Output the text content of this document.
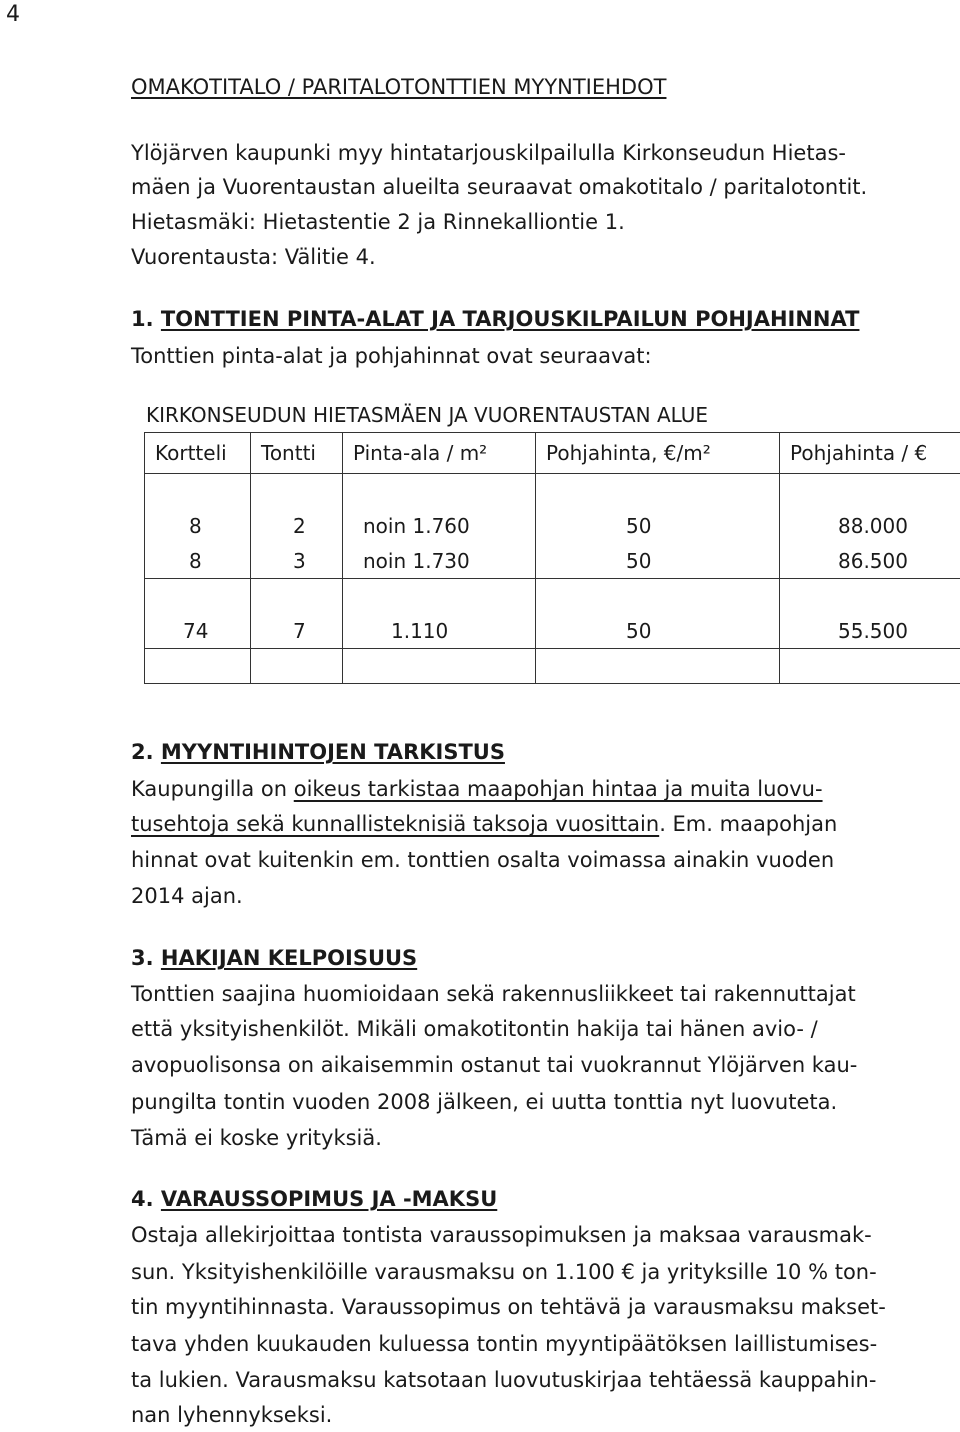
4
OMAKOTITALO / PARITALOTONTTIEN MYYNTIEHDOT

Ylöjärven kaupunki myy hintatarjouskilpailulla Kirkonseudun Hietas-

mäen ja Vuorentaustan alueilta seuraavat omakotitalo / paritalotontit.

Hietasmäki: Hietastentie 2 ja Rinnekalliontie 1.

Vuorentausta: Välitie 4.

1. TONTTIEN PINTA-ALAT JA TARJOUSKILPAILUN POHJAHINNAT

Tonttien pinta-alat ja pohjahinnat ovat seuraavat:

KIRKONSEUDUN HIETASMÄEN JA VUORENTAUSTAN ALUE
Kortteli	Tontti	Pinta-ala / m²	Pohjahinta, €/m²	Pohjahinta / €

8	2	noin 1.760	50	88.000
8	3	noin 1.730	50	86.500

74	7	1.110	50	55.500

2. MYYNTIHINTOJEN TARKISTUS

Kaupungilla on oikeus tarkistaa maapohjan hintaa ja muita luovu-

tusehtoja sekä kunnallisteknisiä taksoja vuosittain. Em. maapohjan

hinnat ovat kuitenkin em. tonttien osalta voimassa ainakin vuoden

2014 ajan.

3. HAKIJAN KELPOISUUS

Tonttien saajina huomioidaan sekä rakennusliikkeet tai rakennuttajat

että yksityishenkilöt. Mikäli omakotitontin hakija tai hänen avio- /

avopuolisonsa on aikaisemmin ostanut tai vuokrannut Ylöjärven kau-

pungilta tontin vuoden 2008 jälkeen, ei uutta tonttia nyt luovuteta.

Tämä ei koske yrityksiä.

4. VARAUSSOPIMUS JA -MAKSU

Ostaja allekirjoittaa tontista varaussopimuksen ja maksaa varausmak-

sun. Yksityishenkilöille varausmaksu on 1.100 € ja yrityksille 10 % ton-

tin myyntihinnasta. Varaussopimus on tehtävä ja varausmaksu makset-

tava yhden kuukauden kuluessa tontin myyntipäätöksen laillistumises-

ta lukien. Varausmaksu katsotaan luovutuskirjaa tehtäessä kauppahin-

nan lyhennykseksi.
